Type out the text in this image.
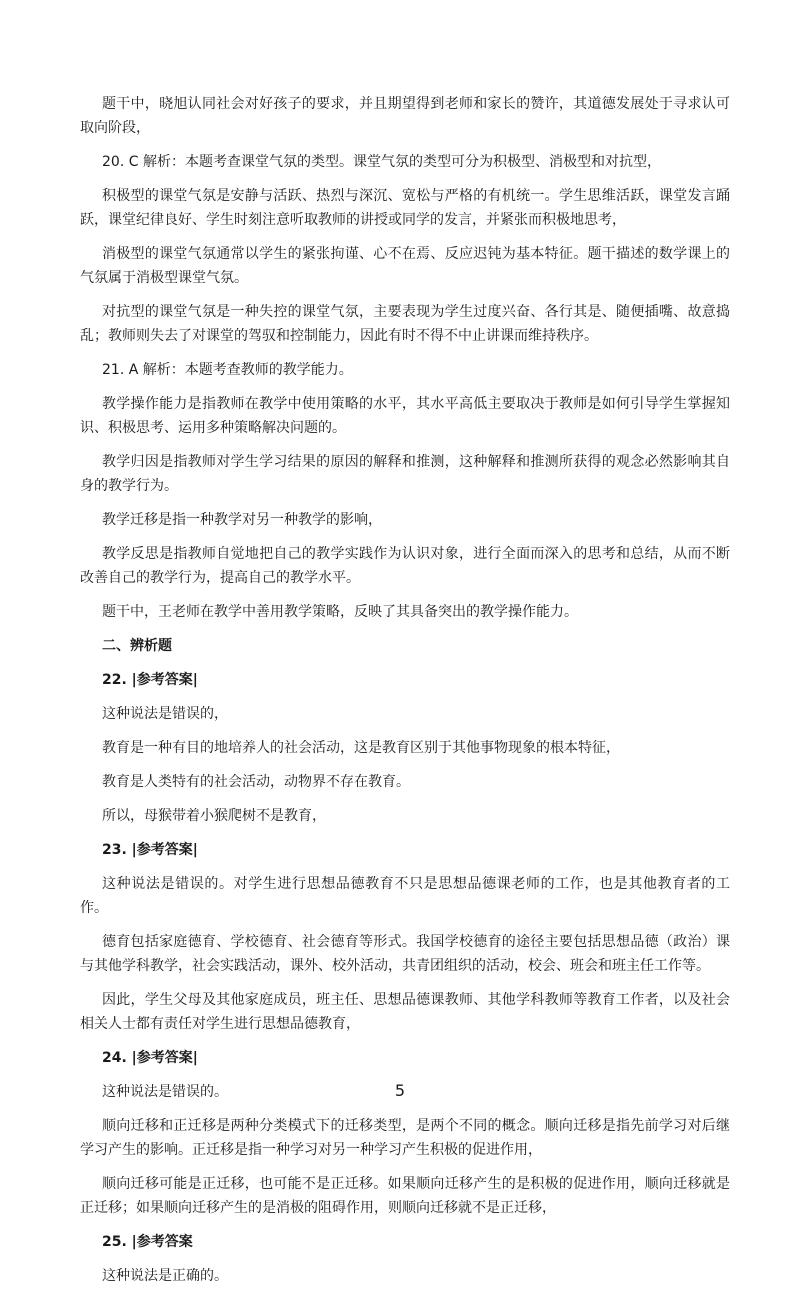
题干中，晓旭认同社会对好孩子的要求，并且期望得到老师和家长的赞许，其道德发展处于寻求认可取向阶段，

20. C 解析：本题考查课堂气氛的类型。课堂气氛的类型可分为积极型、消极型和对抗型，

积极型的课堂气氛是安静与活跃、热烈与深沉、宽松与严格的有机统一。学生思维活跃，课堂发言踊跃，课堂纪律良好、学生时刻注意听取教师的讲授或同学的发言，并紧张而积极地思考，

消极型的课堂气氛通常以学生的紧张拘谨、心不在焉、反应迟钝为基本特征。题干描述的数学课上的气氛属于消极型课堂气氛。

对抗型的课堂气氛是一种失控的课堂气氛，主要表现为学生过度兴奋、各行其是、随便插嘴、故意捣乱；教师则失去了对课堂的驾驭和控制能力，因此有时不得不中止讲课而维持秩序。

21. A 解析：本题考查教师的教学能力。

教学操作能力是指教师在教学中使用策略的水平，其水平高低主要取决于教师是如何引导学生掌握知识、积极思考、运用多种策略解决问题的。

教学归因是指教师对学生学习结果的原因的解释和推测，这种解释和推测所获得的观念必然影响其自身的教学行为。

教学迁移是指一种教学对另一种教学的影响，

教学反思是指教师自觉地把自己的教学实践作为认识对象，进行全面而深入的思考和总结，从而不断改善自己的教学行为，提高自己的教学水平。

题干中，王老师在教学中善用教学策略，反映了其具备突出的教学操作能力。

二、辨析题

22. |参考答案|

这种说法是错误的，

教育是一种有目的地培养人的社会活动，这是教育区别于其他事物现象的根本特征，

教育是人类特有的社会活动，动物界不存在教育。

所以，母猴带着小猴爬树不是教育，

23. |参考答案|

这种说法是错误的。对学生进行思想品德教育不只是思想品德课老师的工作，也是其他教育者的工作。

德育包括家庭德育、学校德育、社会德育等形式。我国学校德育的途径主要包括思想品德（政治）课与其他学科教学，社会实践活动，课外、校外活动，共青团组织的活动，校会、班会和班主任工作等。

因此，学生父母及其他家庭成员，班主任、思想品德课教师、其他学科教师等教育工作者，以及社会相关人士都有责任对学生进行思想品德教育，

24. |参考答案|

这种说法是错误的。

顺向迁移和正迁移是两种分类模式下的迁移类型，是两个不同的概念。顺向迁移是指先前学习对后继学习产生的影响。正迁移是指一种学习对另一种学习产生积极的促进作用，

顺向迁移可能是正迁移，也可能不是正迁移。如果顺向迁移产生的是积极的促进作用，顺向迁移就是正迁移；如果顺向迁移产生的是消极的阻碍作用，则顺向迁移就不是正迁移，

25. |参考答案

这种说法是正确的。

5
